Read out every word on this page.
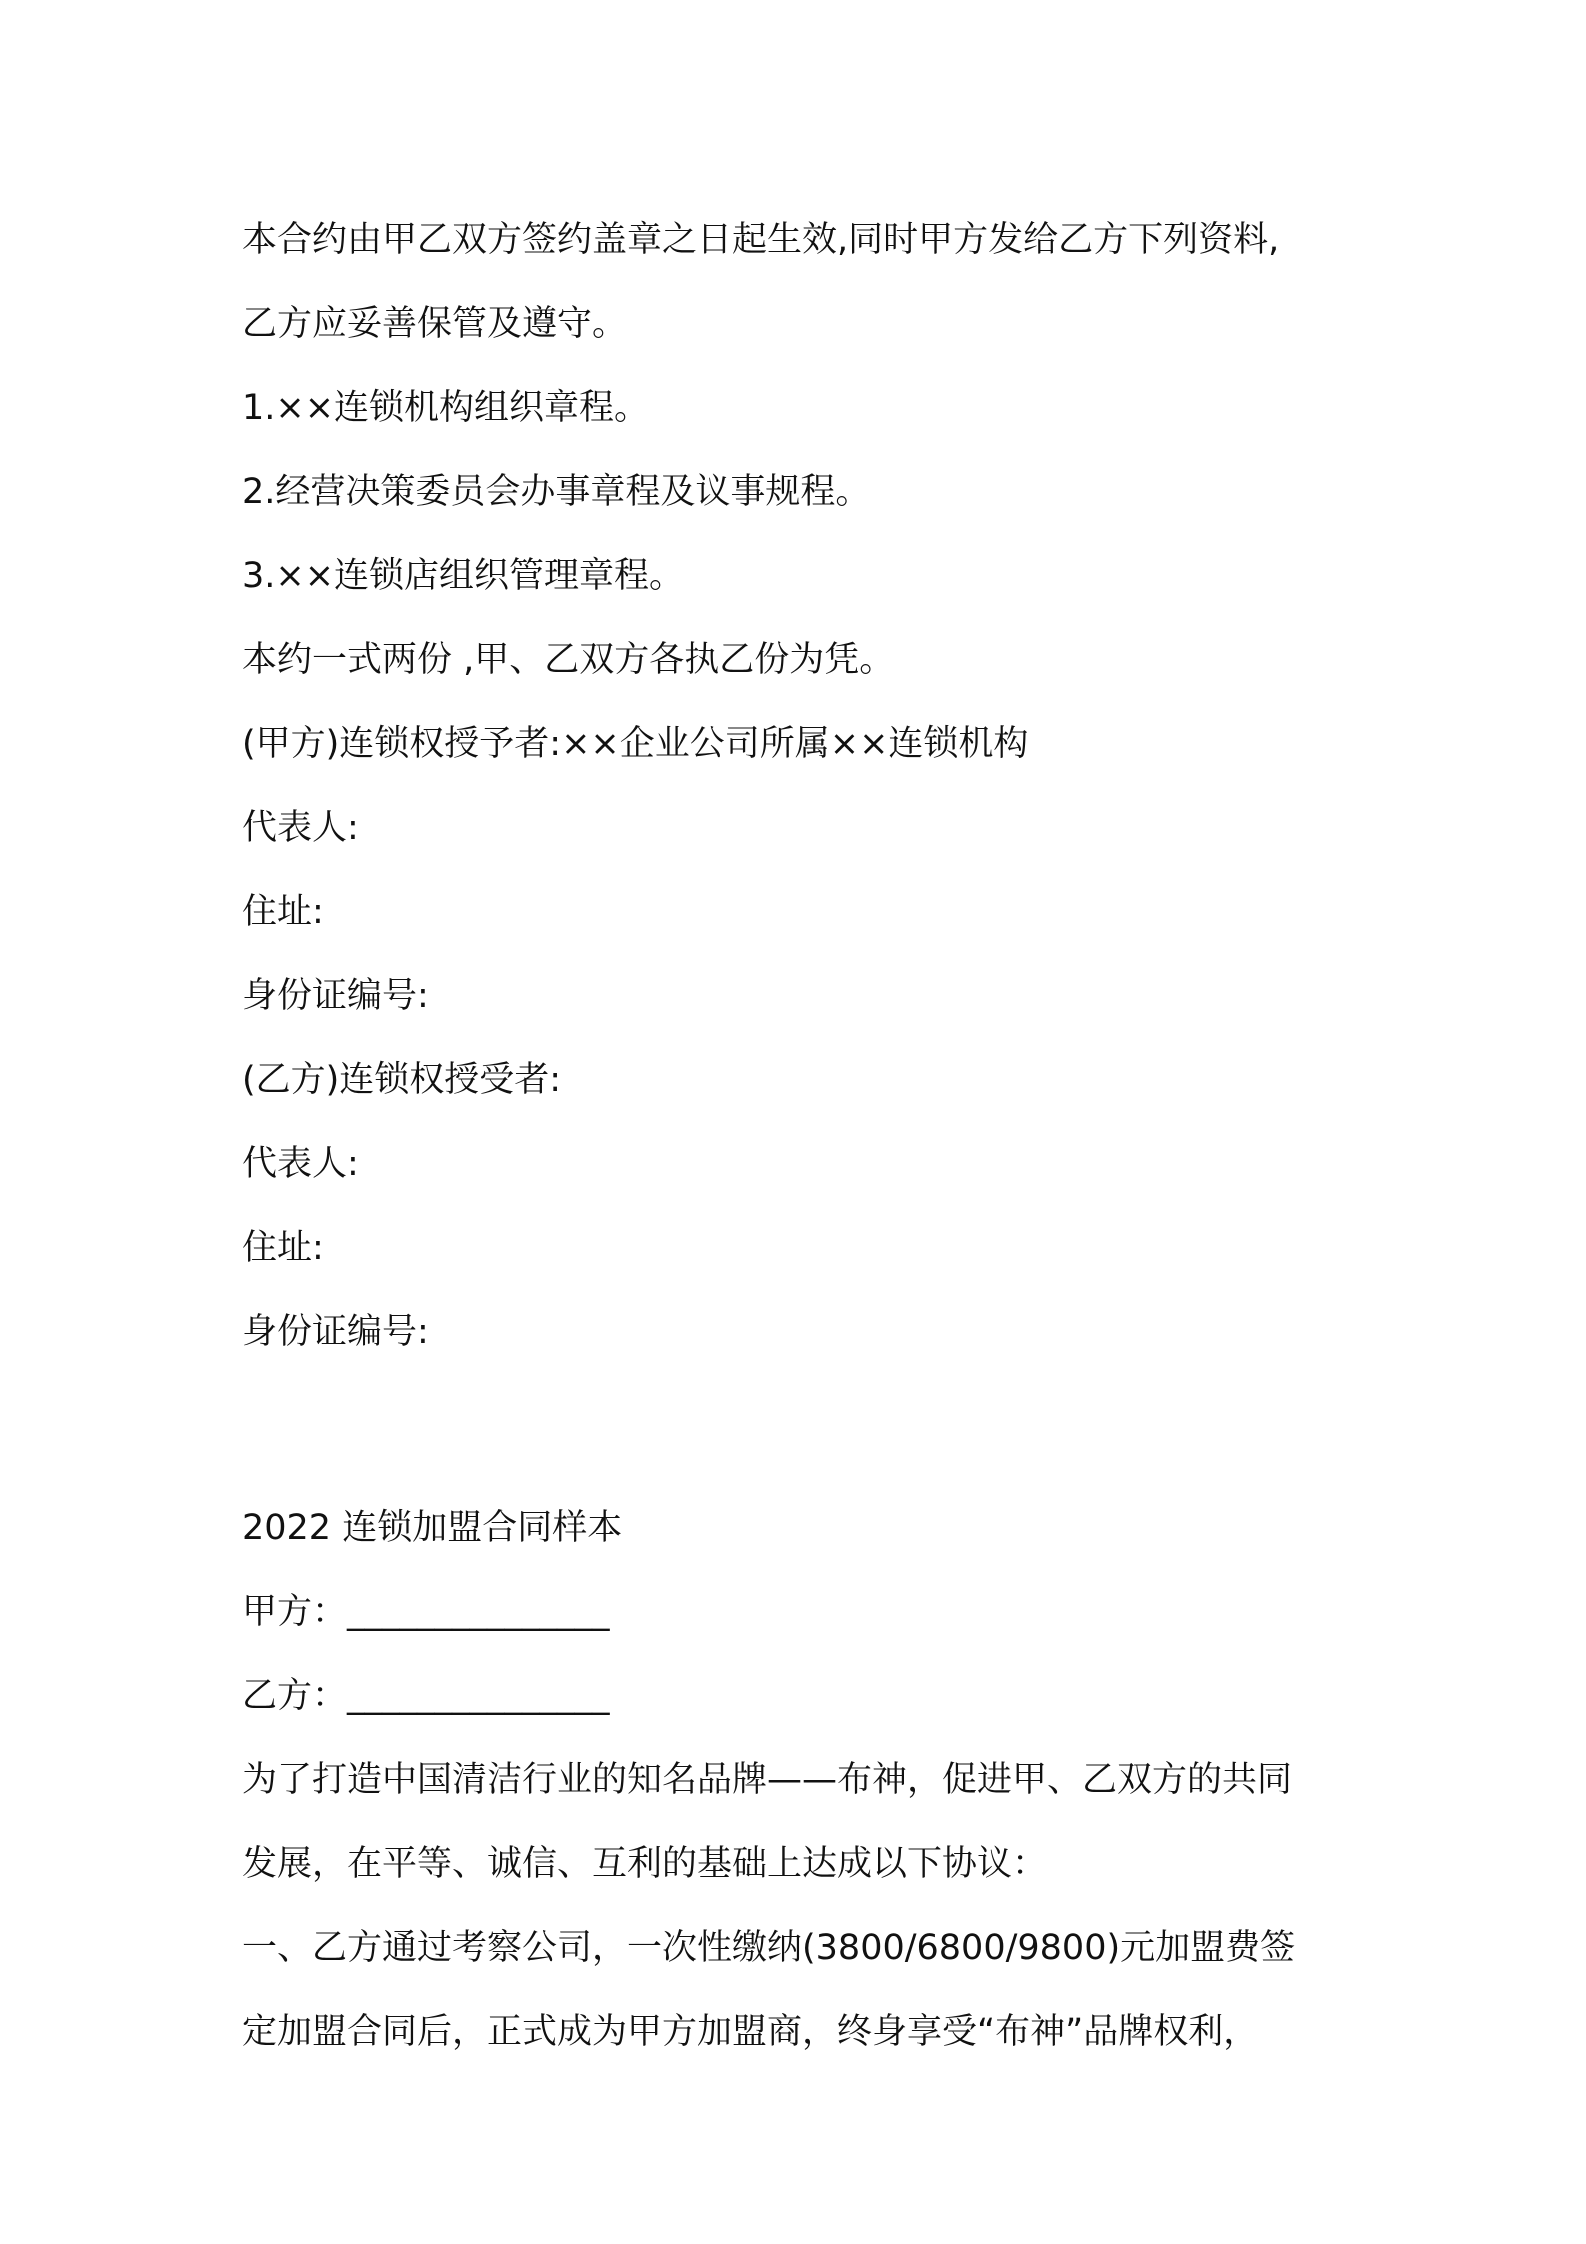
本合约由甲乙双方签约盖章之日起生效,同时甲方发给乙方下列资料,
乙方应妥善保管及遵守。
1.××连锁机构组织章程。
2.经营决策委员会办事章程及议事规程。
3.××连锁店组织管理章程。
本约一式两份 ,甲、乙双方各执乙份为凭。
(甲方)连锁权授予者:××企业公司所属××连锁机构
代表人:
住址:
身份证编号:
(乙方)连锁权授受者:
代表人:
住址:
身份证编号:
2022 连锁加盟合同样本
甲方：_______________
乙方：_______________
为了打造中国清洁行业的知名品牌——布神，促进甲、乙双方的共同
发展，在平等、诚信、互利的基础上达成以下协议：
一、乙方通过考察公司，一次性缴纳(3800/6800/9800)元加盟费签
定加盟合同后，正式成为甲方加盟商，终身享受“布神”品牌权利，
